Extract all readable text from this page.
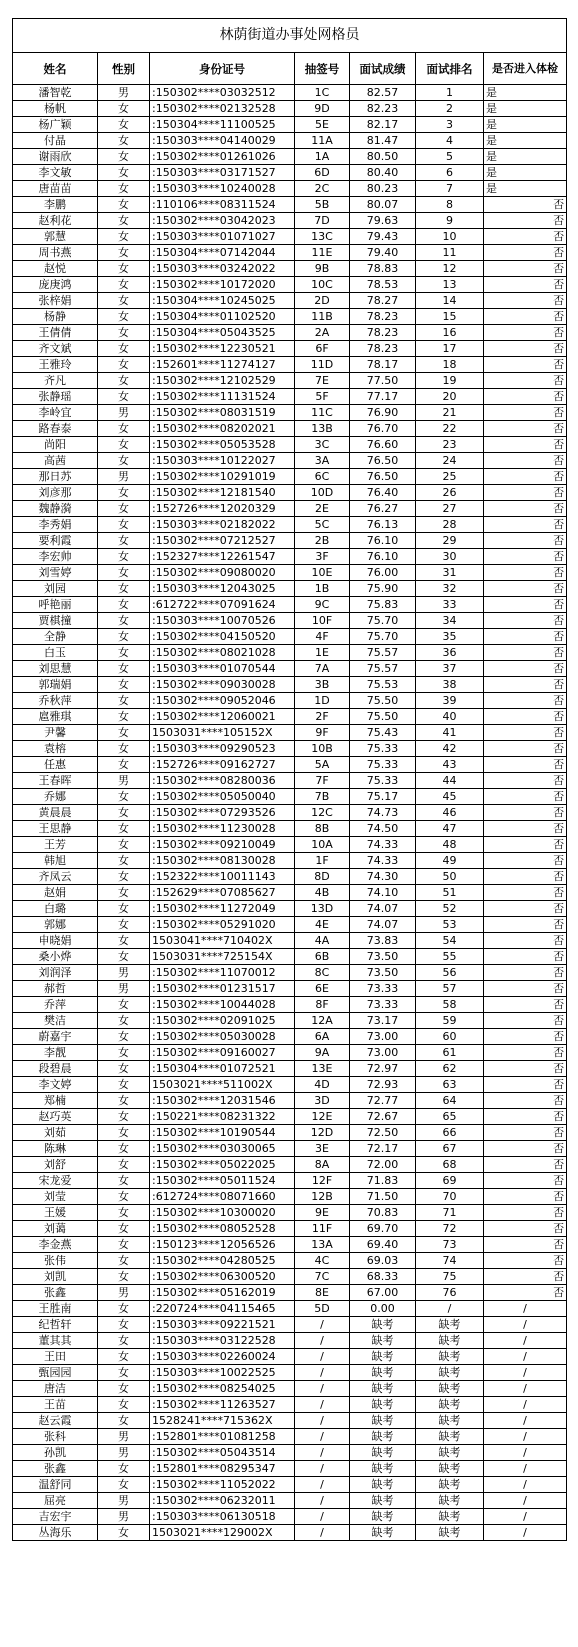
林荫街道办事处网格员						
姓名	性别	身份证号	抽签号	面试成绩	面试排名	是否进入体检
潘智乾	男	:150302****03032512	1C	82.57	1	是
杨帆	女	:150302****02132528	9D	82.23	2	是
杨广颖	女	:150304****11100525	5E	82.17	3	是
付晶	女	:150303****04140029	11A	81.47	4	是
谢雨欣	女	:150302****01261026	1A	80.50	5	是
李文敏	女	:150303****03171527	6D	80.40	6	是
唐苗苗	女	:150303****10240028	2C	80.23	7	是
李鹏	女	:110106****08311524	5B	80.07	8	否
赵利花	女	:150302****03042023	7D	79.63	9	否
郭慧	女	:150303****01071027	13C	79.43	10	否
周书燕	女	:150304****07142044	11E	79.40	11	否
赵悦	女	:150303****03242022	9B	78.83	12	否
庞庚鸿	女	:150302****10172020	10C	78.53	13	否
张梓娟	女	:150304****10245025	2D	78.27	14	否
杨静	女	:150304****01102520	11B	78.23	15	否
王倩倩	女	:150304****05043525	2A	78.23	16	否
齐文斌	女	:150302****12230521	6F	78.23	17	否
王雅玲	女	:152601****11274127	11D	78.17	18	否
齐凡	女	:150302****12102529	7E	77.50	19	否
张静瑶	女	:150302****11131524	5F	77.17	20	否
李岭宜	男	:150302****08031519	11C	76.90	21	否
路春泰	女	:150302****08202021	13B	76.70	22	否
尚阳	女	:150302****05053528	3C	76.60	23	否
高茜	女	:150303****10122027	3A	76.50	24	否
那日苏	男	:150302****10291019	6C	76.50	25	否
刘彦那	女	:150302****12181540	10D	76.40	26	否
魏静漪	女	:152726****12020329	2E	76.27	27	否
李秀娟	女	:150303****02182022	5C	76.13	28	否
要利霞	女	:150302****07212527	2B	76.10	29	否
李宏帅	女	:152327****12261547	3F	76.10	30	否
刘雪婷	女	:150302****09080020	10E	76.00	31	否
刘园	女	:150303****12043025	1B	75.90	32	否
呼艳丽	女	:612722****07091624	9C	75.83	33	否
贾棋撞	女	:150303****10070526	10F	75.70	34	否
全静	女	:150302****04150520	4F	75.70	35	否
白玉	女	:150302****08021028	1E	75.57	36	否
刘思慧	女	:150303****01070544	7A	75.57	37	否
郭瑞娟	女	:150302****09030028	3B	75.53	38	否
乔秋萍	女	:150302****09052046	1D	75.50	39	否
扈雅琪	女	:150302****12060021	2F	75.50	40	否
尹馨	女	1503031****105152X	9F	75.43	41	否
袁榕	女	:150303****09290523	10B	75.33	42	否
任惠	女	:152726****09162727	5A	75.33	43	否
王春晖	男	:150302****08280036	7F	75.33	44	否
乔娜	女	:150302****05050040	7B	75.17	45	否
黄晨晨	女	:150302****07293526	12C	74.73	46	否
王思静	女	:150302****11230028	8B	74.50	47	否
王芳	女	:150302****09210049	10A	74.33	48	否
韩旭	女	:150302****08130028	1F	74.33	49	否
齐凤云	女	:152322****10011143	8D	74.30	50	否
赵娟	女	:152629****07085627	4B	74.10	51	否
白璐	女	:150302****11272049	13D	74.07	52	否
郭娜	女	:150302****05291020	4E	74.07	53	否
申晓娟	女	1503041****710402X	4A	73.83	54	否
桑小烨	女	1503031****725154X	6B	73.50	55	否
刘润泽	男	:150302****11070012	8C	73.50	56	否
郝哲	男	:150302****01231517	6E	73.33	57	否
乔萍	女	:150302****10044028	8F	73.33	58	否
樊洁	女	:150302****02091025	12A	73.17	59	否
蔚嘉宇	女	:150302****05030028	6A	73.00	60	否
李靓	女	:150302****09160027	9A	73.00	61	否
段碧晨	女	:150304****01072521	13E	72.97	62	否
李文婷	女	1503021****511002X	4D	72.93	63	否
郑楠	女	:150302****12031546	3D	72.77	64	否
赵巧英	女	:150221****08231322	12E	72.67	65	否
刘茹	女	:150302****10190544	12D	72.50	66	否
陈琳	女	:150302****03030065	3E	72.17	67	否
刘舒	女	:150302****05022025	8A	72.00	68	否
宋龙爱	女	:150302****05011524	12F	71.83	69	否
刘莹	女	:612724****08071660	12B	71.50	70	否
王媛	女	:150302****10300020	9E	70.83	71	否
刘蔼	女	:150302****08052528	11F	69.70	72	否
李金燕	女	:150123****12056526	13A	69.40	73	否
张伟	女	:150302****04280525	4C	69.03	74	否
刘凯	女	:150302****06300520	7C	68.33	75	否
张鑫	男	:150302****05162019	8E	67.00	76	否
王胜南	女	:220724****04115465	5D	0.00	/	/
纪哲轩	女	:150303****09221521	/	缺考	缺考	/
董其其	女	:150303****03122528	/	缺考	缺考	/
王田	女	:150303****02260024	/	缺考	缺考	/
甄园园	女	:150303****10022525	/	缺考	缺考	/
唐洁	女	:150302****08254025	/	缺考	缺考	/
王苗	女	:150302****11263527	/	缺考	缺考	/
赵云霞	女	1528241****715362X	/	缺考	缺考	/
张科	男	:152801****01081258	/	缺考	缺考	/
孙凯	男	:150302****05043514	/	缺考	缺考	/
张鑫	女	:152801****08295347	/	缺考	缺考	/
温舒同	女	:150302****11052022	/	缺考	缺考	/
屈亮	男	:150302****06232011	/	缺考	缺考	/
吉宏宇	男	:150303****06130518	/	缺考	缺考	/
丛海乐	女	1503021****129002X	/	缺考	缺考	/
